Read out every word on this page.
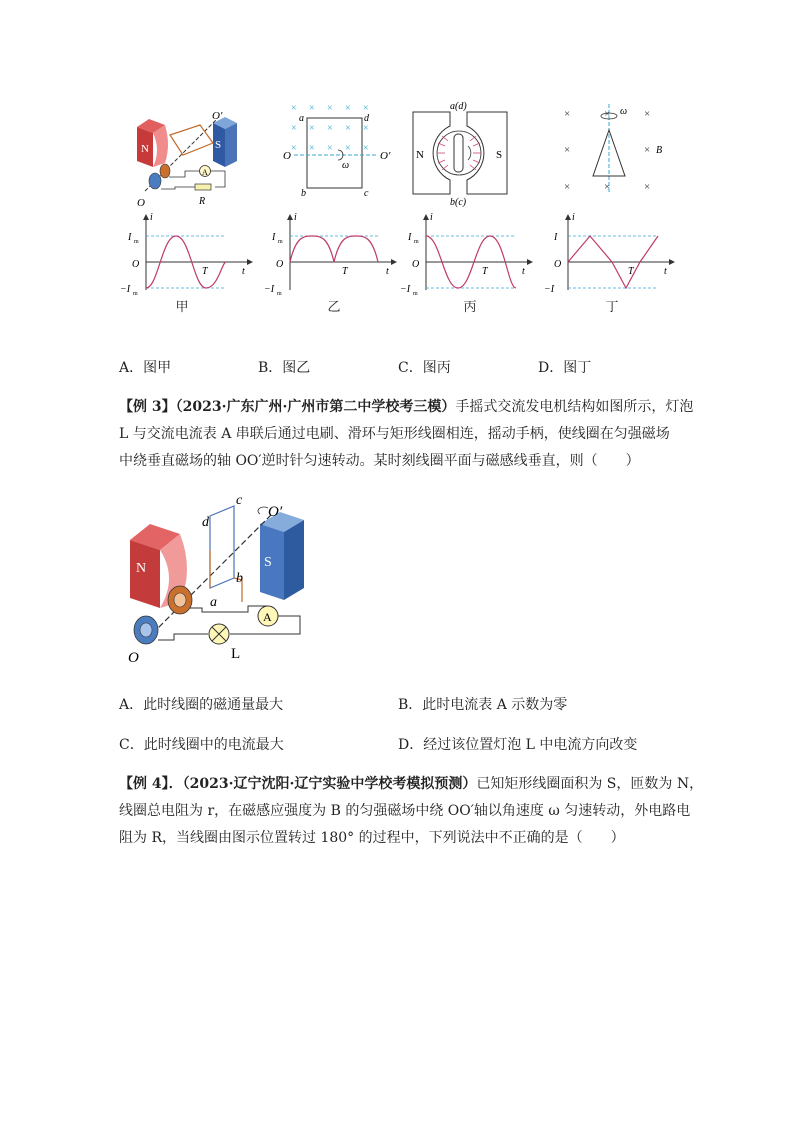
N	S
A
O	R
O′
× × × × ×
× × × × ×
× × × × ×
a	d
O	O′
ω
b	c
a(d)
N	S
b(c)
×	×	×
×	×
×	×	×
ω
B
i
I m
O
−I m
T	t
i
I m
O
−I m
T	t
i
I m
O
−I m
T	t
i
I
O
−I
T	t
甲	乙	丙	丁
A．图甲	B．图乙	C．图丙	D．图丁
【例 3】（2023·广东广州·广州市第二中学校考三模）手摇式交流发电机结构如图所示，灯泡
L 与交流电流表 A 串联后通过电刷、滑环与矩形线圈相连，摇动手柄，使线圈在匀强磁场
中绕垂直磁场的轴 OO′逆时针匀速转动。某时刻线圈平面与磁感线垂直，则（　　）
N	S
A
c
d
O′
b
a
O	L
A．此时线圈的磁通量最大	B．此时电流表 A 示数为零
C．此时线圈中的电流最大	D．经过该位置灯泡 L 中电流方向改变
【例 4】．（2023·辽宁沈阳·辽宁实验中学校考模拟预测）已知矩形线圈面积为 S，匝数为 N，
线圈总电阻为 r，在磁感应强度为 B 的匀强磁场中绕 OO′轴以角速度 ω 匀速转动，外电路电
阻为 R，当线圈由图示位置转过 180° 的过程中，下列说法中不正确的是（　　）
